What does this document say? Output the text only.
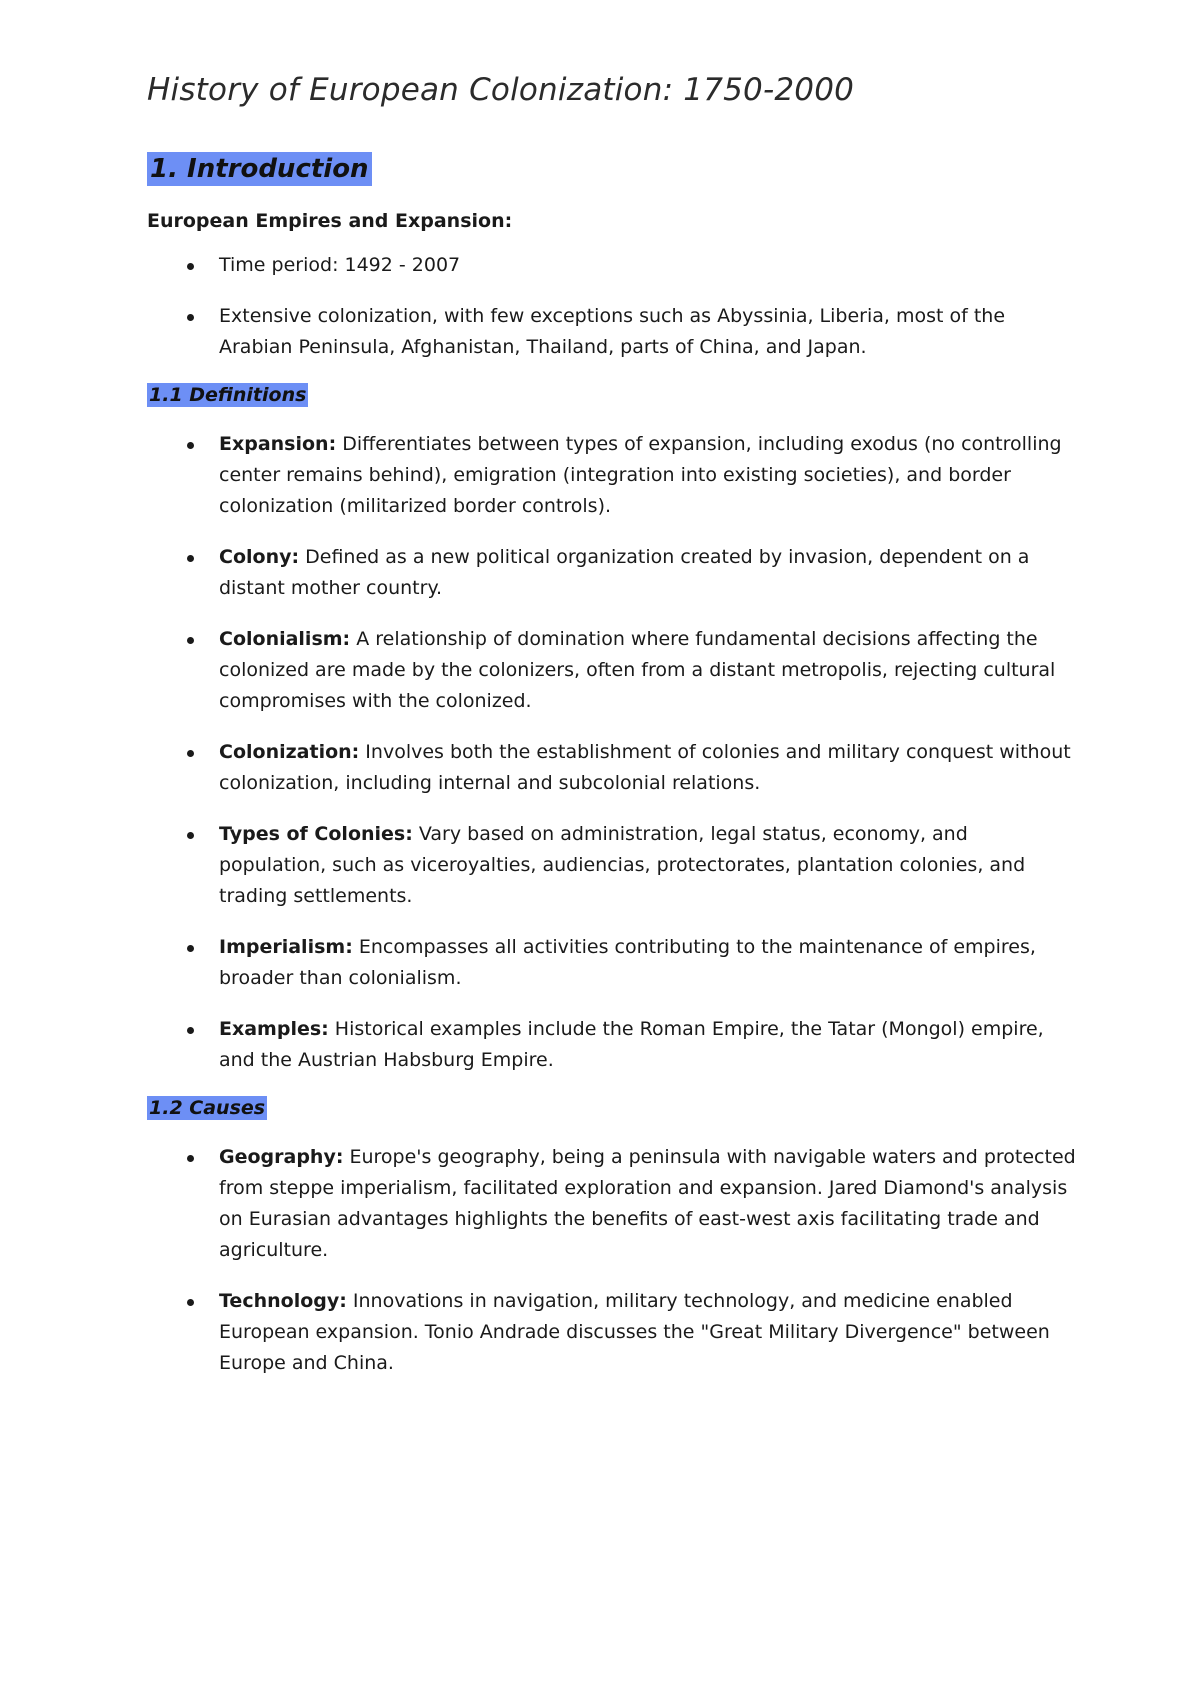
History of European Colonization: 1750-2000
1. Introduction
European Empires and Expansion:
Time period: 1492 - 2007
Extensive colonization, with few exceptions such as Abyssinia, Liberia, most of the Arabian Peninsula, Afghanistan, Thailand, parts of China, and Japan.
1.1 Definitions
Expansion: Differentiates between types of expansion, including exodus (no controlling center remains behind), emigration (integration into existing societies), and border colonization (militarized border controls).
Colony: Defined as a new political organization created by invasion, dependent on a distant mother country.
Colonialism: A relationship of domination where fundamental decisions affecting the colonized are made by the colonizers, often from a distant metropolis, rejecting cultural compromises with the colonized.
Colonization: Involves both the establishment of colonies and military conquest without colonization, including internal and subcolonial relations.
Types of Colonies: Vary based on administration, legal status, economy, and population, such as viceroyalties, audiencias, protectorates, plantation colonies, and trading settlements.
Imperialism: Encompasses all activities contributing to the maintenance of empires, broader than colonialism.
Examples: Historical examples include the Roman Empire, the Tatar (Mongol) empire, and the Austrian Habsburg Empire.
1.2 Causes
Geography: Europe's geography, being a peninsula with navigable waters and protected from steppe imperialism, facilitated exploration and expansion. Jared Diamond's analysis on Eurasian advantages highlights the benefits of east-west axis facilitating trade and agriculture.
Technology: Innovations in navigation, military technology, and medicine enabled European expansion. Tonio Andrade discusses the "Great Military Divergence" between Europe and China.
